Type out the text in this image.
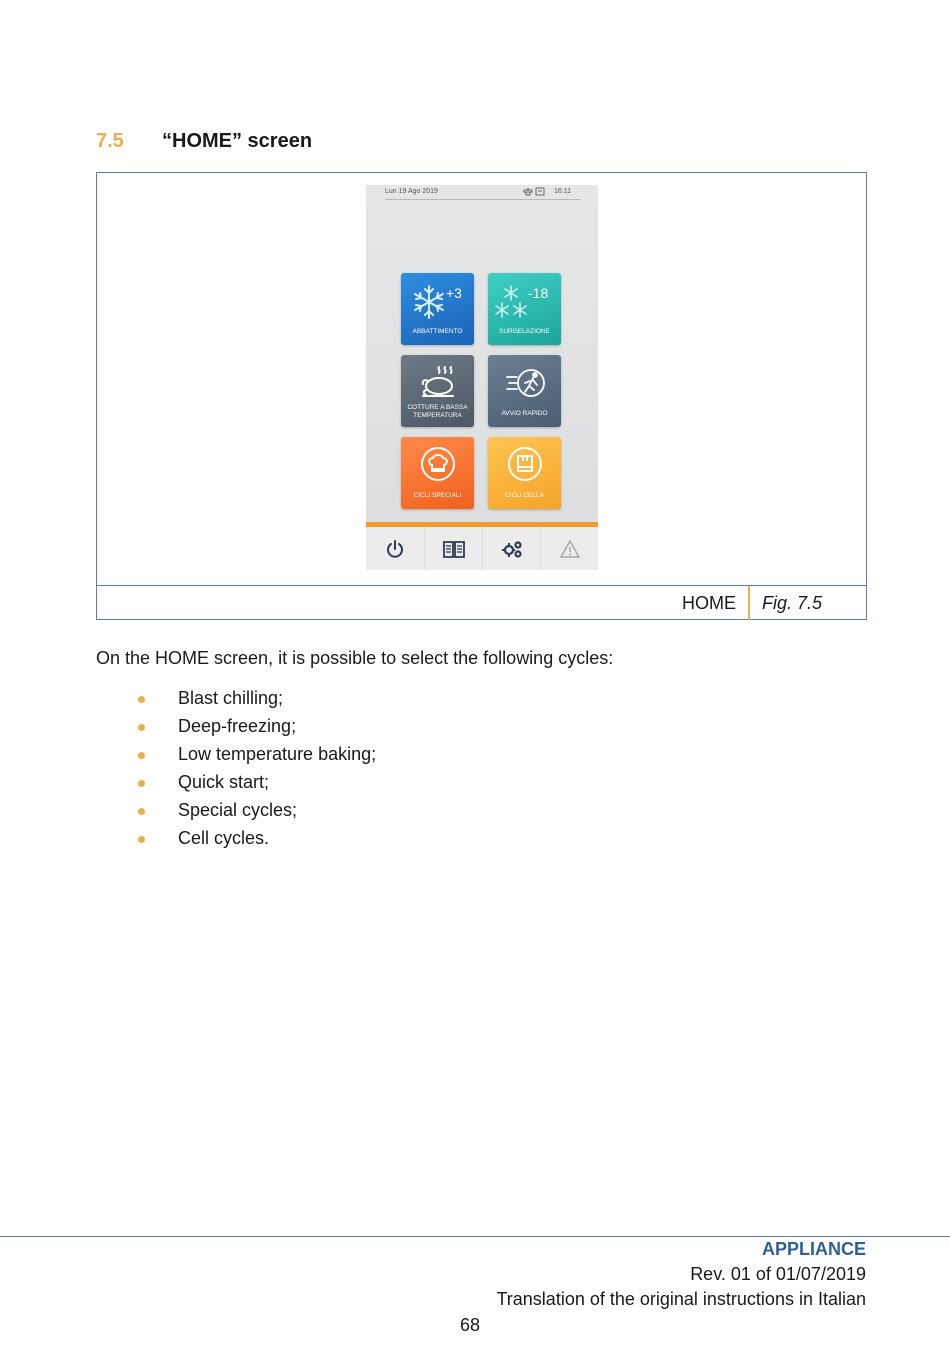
7.5	“HOME” screen
Lun 19 Ago 2019	16:11
+3
ABBATTIMENTO
-18
SURGELAZIONE
COTTURE A BASSA TEMPERATURA	AVVIO RAPIDO
CICLI SPECIALI	CICLI CELLA
HOME Fig. 7.5

On the HOME screen, it is possible to select the following cycles:

Blast chilling;
Deep-freezing;
Low temperature baking;
Quick start;
Special cycles;
Cell cycles.
APPLIANCE
Rev. 01 of 01/07/2019
Translation of the original instructions in Italian
68
